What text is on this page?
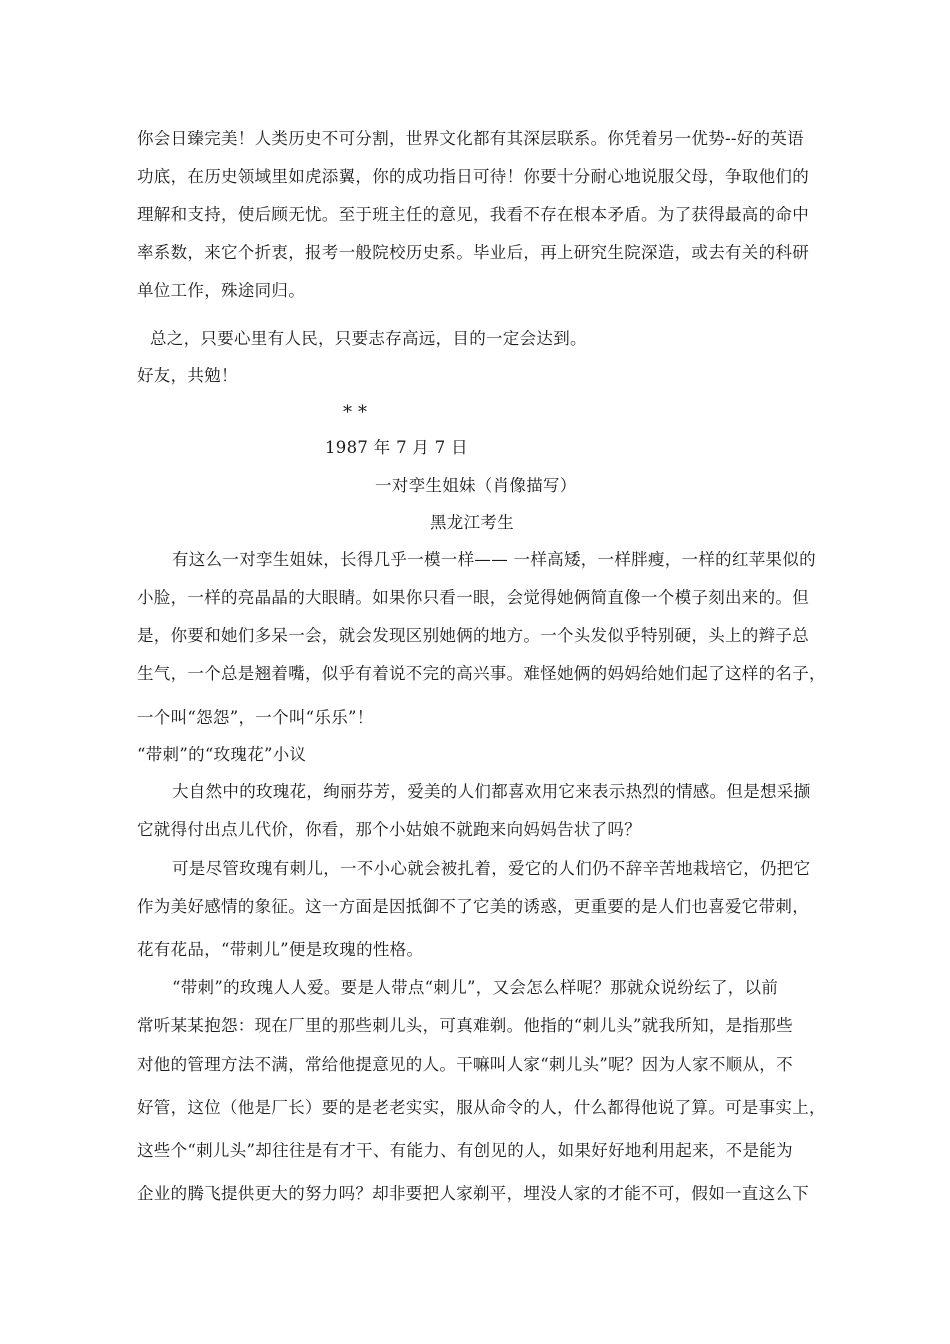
你会日臻完美！人类历史不可分割，世界文化都有其深层联系。你凭着另一优势--好的英语
功底，在历史领域里如虎添翼，你的成功指日可待！你要十分耐心地说服父母，争取他们的
理解和支持，使后顾无忧。至于班主任的意见，我看不存在根本矛盾。为了获得最高的命中
率系数，来它个折衷，报考一般院校历史系。毕业后，再上研究生院深造，或去有关的科研
单位工作，殊途同归。
总之，只要心里有人民，只要志存高远，目的一定会达到。
好友，共勉！
**
1987 年 7 月 7 日
一对孪生姐妹（肖像描写）
黑龙江考生
有这么一对孪生姐妹，长得几乎一模一样—— 一样高矮，一样胖瘦，一样的红苹果似的
小脸，一样的亮晶晶的大眼睛。如果你只看一眼，会觉得她俩简直像一个模子刻出来的。但
是，你要和她们多呆一会，就会发现区别她俩的地方。一个头发似乎特别硬，头上的辫子总
生气，一个总是翘着嘴，似乎有着说不完的高兴事。难怪她俩的妈妈给她们起了这样的名子，
一个叫“怨怨”，一个叫“乐乐”！
“带刺”的“玫瑰花”小议
大自然中的玫瑰花，绚丽芬芳，爱美的人们都喜欢用它来表示热烈的情感。但是想采撷
它就得付出点儿代价，你看，那个小姑娘不就跑来向妈妈告状了吗？
可是尽管玫瑰有刺儿，一不小心就会被扎着，爱它的人们仍不辞辛苦地栽培它，仍把它
作为美好感情的象征。这一方面是因抵御不了它美的诱惑，更重要的是人们也喜爱它带刺，
花有花品，“带刺儿”便是玫瑰的性格。
“带刺”的玫瑰人人爱。要是人带点“刺儿”，又会怎么样呢？那就众说纷纭了，以前
常听某某抱怨：现在厂里的那些刺儿头，可真难剃。他指的“刺儿头”就我所知，是指那些
对他的管理方法不满，常给他提意见的人。干嘛叫人家“刺儿头”呢？因为人家不顺从，不
好管，这位（他是厂长）要的是老老实实，服从命令的人，什么都得他说了算。可是事实上，
这些个“刺儿头”却往往是有才干、有能力、有创见的人，如果好好地利用起来，不是能为
企业的腾飞提供更大的努力吗？却非要把人家剃平，埋没人家的才能不可，假如一直这么下
